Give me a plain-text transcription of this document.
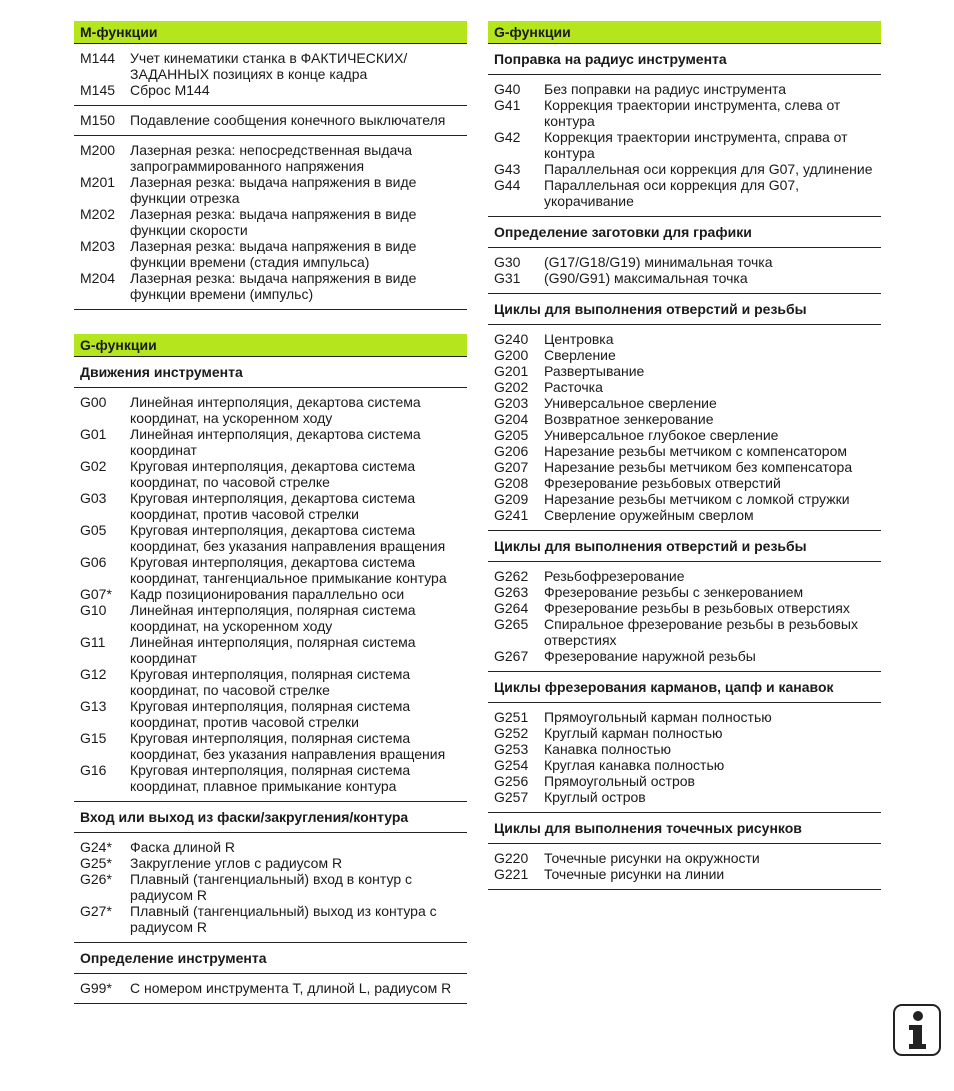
M-функции
M144	Учет кинематики станка в ФАКТИЧЕСКИХ/ ЗАДАННЫХ позициях в конце кадра
M145	Сброс M144
M150	Подавление сообщения конечного выключателя
M200	Лазерная резка: непосредственная выдача запрограммированного напряжения
M201	Лазерная резка: выдача напряжения в виде функции отрезка
M202	Лазерная резка: выдача напряжения в виде функции скорости
M203	Лазерная резка: выдача напряжения в виде функции времени (стадия импульса)
M204	Лазерная резка: выдача напряжения в виде функции времени (импульс)
G-функции
Движения инструмента
G00	Линейная интерполяция, декартова система координат, на ускоренном ходу
G01	Линейная интерполяция, декартова система координат
G02	Круговая интерполяция, декартова система координат, по часовой стрелке
G03	Круговая интерполяция, декартова система координат, против часовой стрелки
G05	Круговая интерполяция, декартова система координат, без указания направления вращения
G06	Круговая интерполяция, декартова система координат, тангенциальное примыкание контура
G07*	Кадр позиционирования параллельно оси
G10	Линейная интерполяция, полярная система координат, на ускоренном ходу
G11	Линейная интерполяция, полярная система координат
G12	Круговая интерполяция, полярная система координат, по часовой стрелке
G13	Круговая интерполяция, полярная система координат, против часовой стрелки
G15	Круговая интерполяция, полярная система координат, без указания направления вращения
G16	Круговая интерполяция, полярная система координат, плавное примыкание контура
Вход или выход из фаски/закругления/контура
G24*	Фаска длиной R
G25*	Закругление углов с радиусом R
G26*	Плавный (тангенциальный) вход в контур с радиусом R
G27*	Плавный (тангенциальный) выход из контура с радиусом R
Определение инструмента
G99*	С номером инструмента T, длиной L, радиусом R
G-функции
Поправка на радиус инструмента
G40	Без поправки на радиус инструмента
G41	Коррекция траектории инструмента, слева от контура
G42	Коррекция траектории инструмента, справа от контура
G43	Параллельная оси коррекция для G07, удлинение
G44	Параллельная оси коррекция для G07, укорачивание
Определение заготовки для графики
G30	(G17/G18/G19) минимальная точка
G31	(G90/G91) максимальная точка
Циклы для выполнения отверстий и резьбы
G240	Центровка
G200	Сверление
G201	Развертывание
G202	Расточка
G203	Универсальное сверление
G204	Возвратное зенкерование
G205	Универсальное глубокое сверление
G206	Нарезание резьбы метчиком с компенсатором
G207	Нарезание резьбы метчиком без компенсатора
G208	Фрезерование резьбовых отверстий
G209	Нарезание резьбы метчиком с ломкой стружки
G241	Сверление оружейным сверлом
Циклы для выполнения отверстий и резьбы
G262	Резьбофрезерование
G263	Фрезерование резьбы с зенкерованием
G264	Фрезерование резьбы в резьбовых отверстиях
G265	Спиральное фрезерование резьбы в резьбовых отверстиях
G267	Фрезерование наружной резьбы
Циклы фрезерования карманов, цапф и канавок
G251	Прямоугольный карман полностью
G252	Круглый карман полностью
G253	Канавка полностью
G254	Круглая канавка полностью
G256	Прямоугольный остров
G257	Круглый остров
Циклы для выполнения точечных рисунков
G220	Точечные рисунки на окружности
G221	Точечные рисунки на линии
